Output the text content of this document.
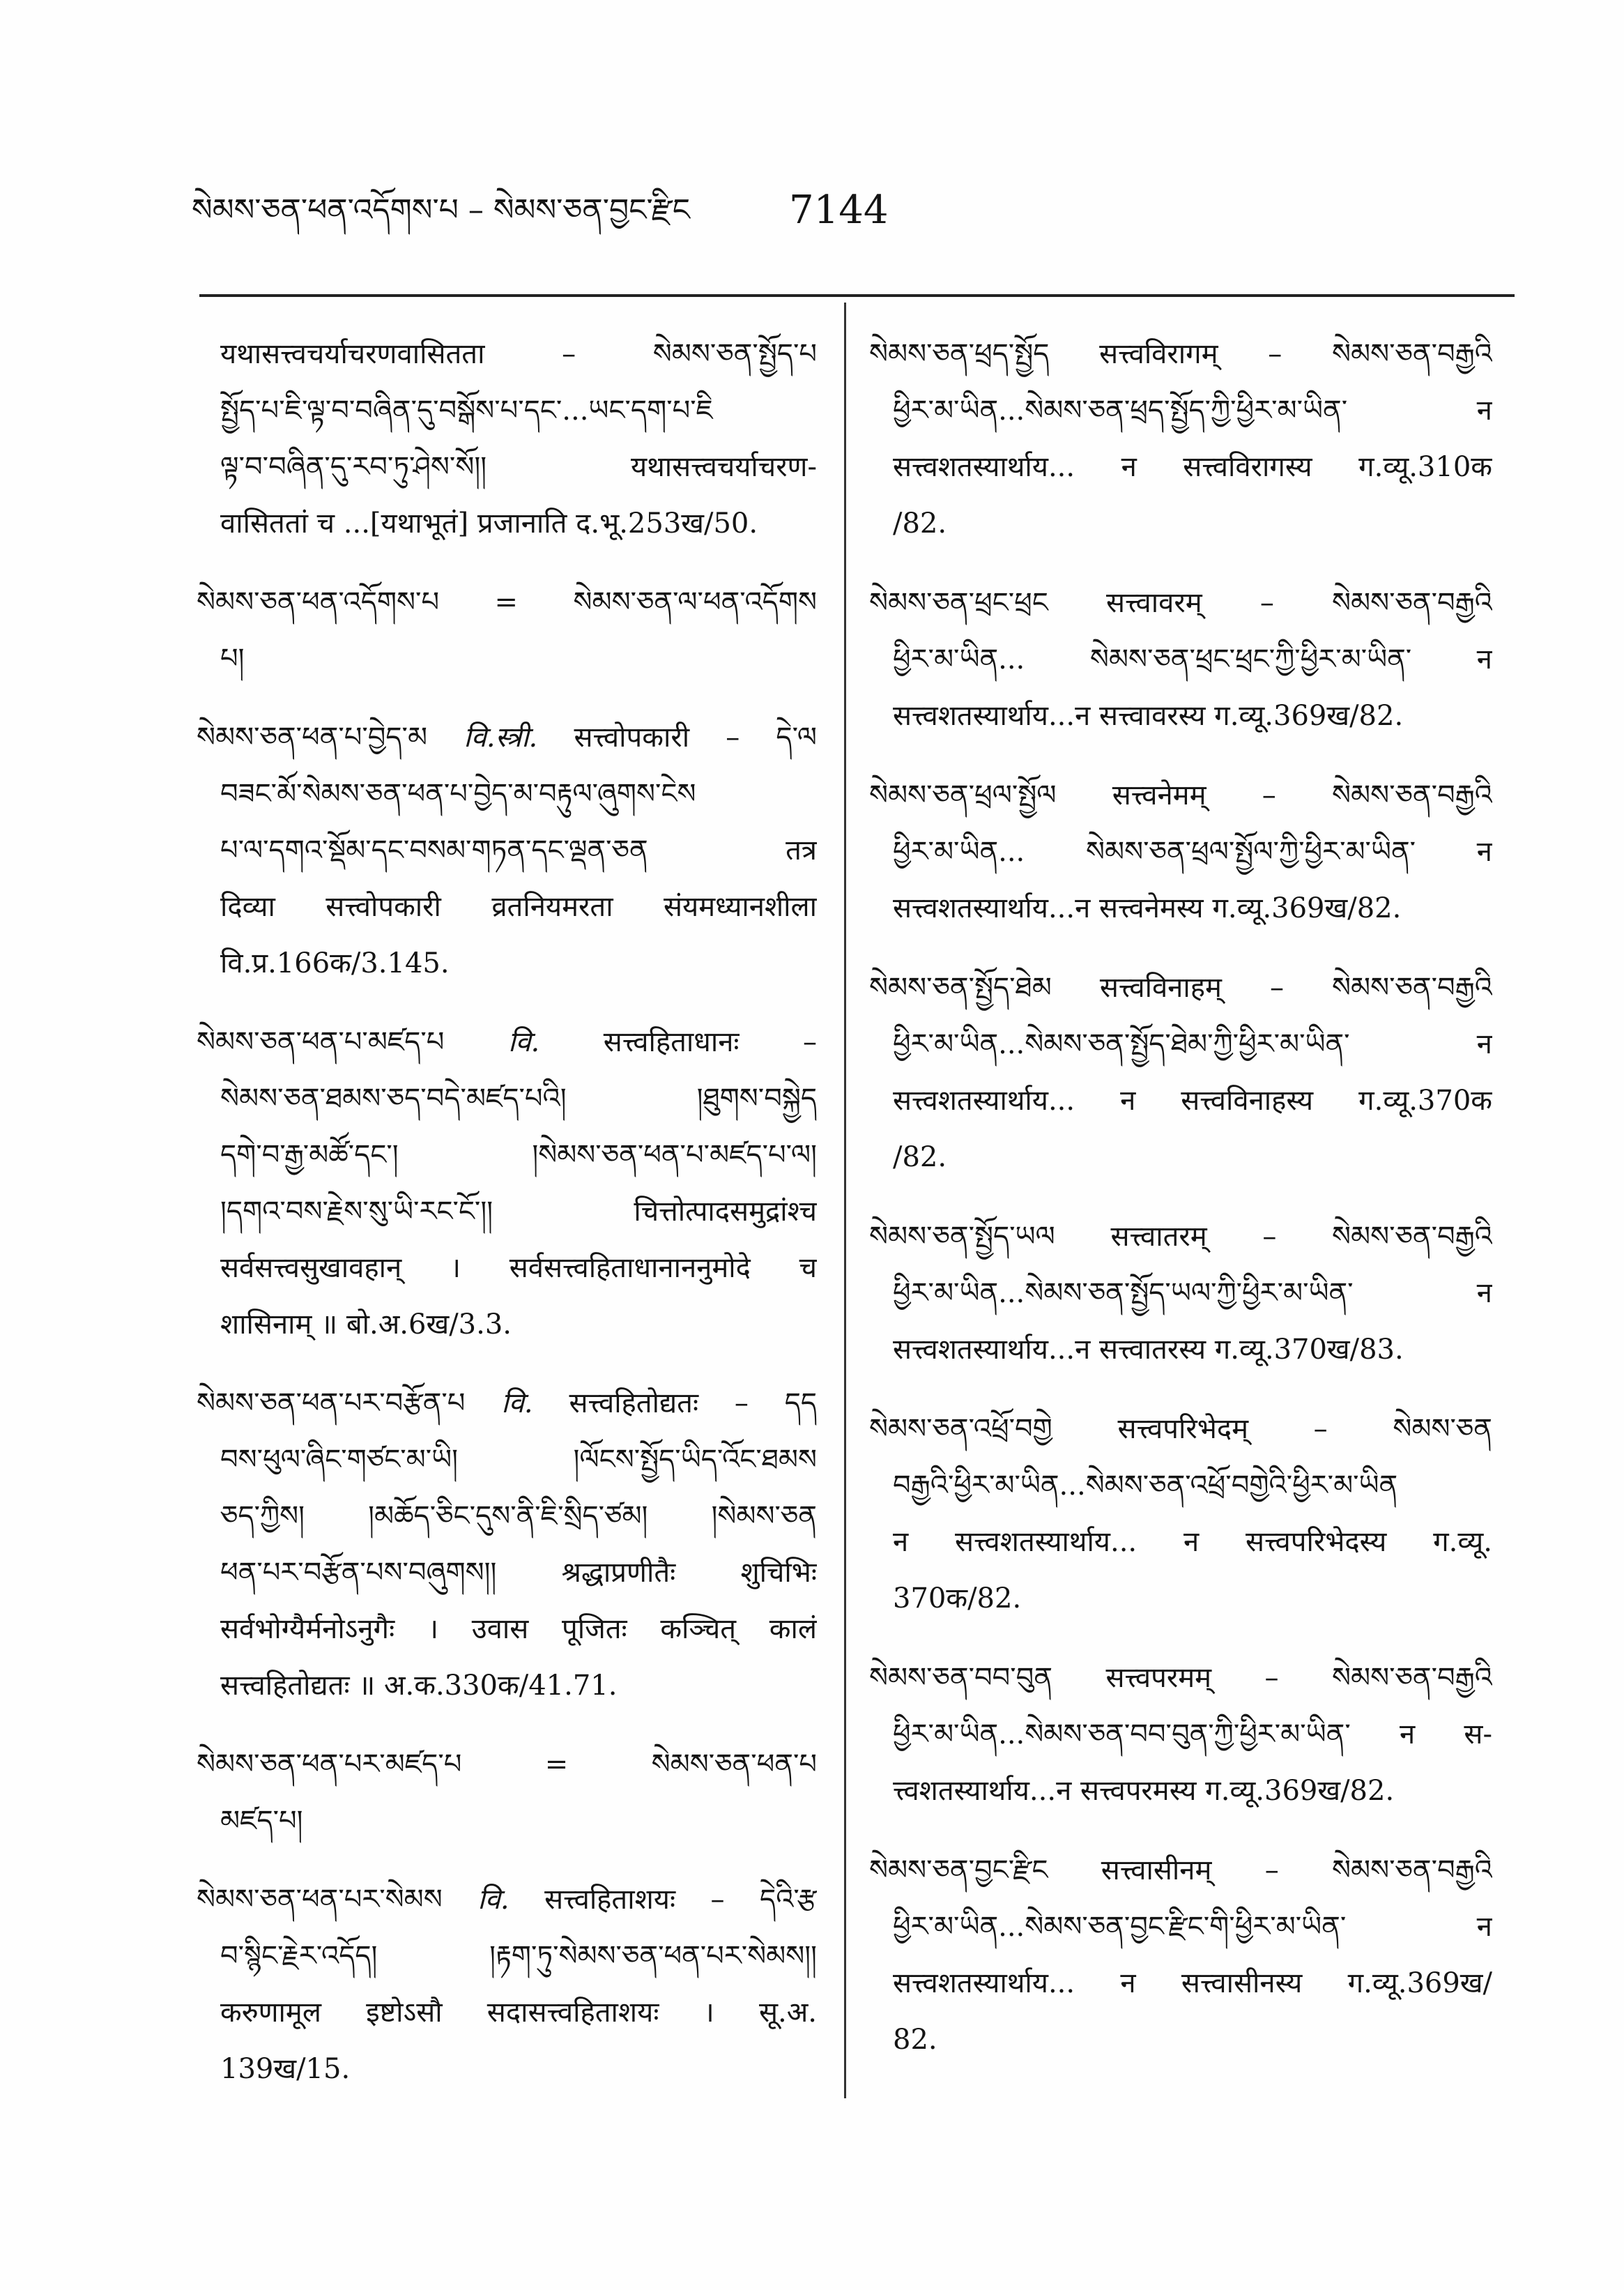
སེམས་ཅན་ཕན་འདོགས་པ – སེམས་ཅན་བྱང་རྫིང	7144
यथासत्त्वचर्याचरणवासितता – སེམས་ཅན་སྤྱོད་པ
སྤྱོད་པ་ཇི་ལྟ་བ་བཞིན་དུ་བསྒོས་པ་དང་...ཡང་དག་པ་ཇི
ལྟ་བ་བཞིན་དུ་རབ་ཏུ་ཤེས་སོ།། यथासत्त्वचर्याचरण-
वासिततां च ...[यथाभूतं] प्रजानाति द.भू.253ख/50.
སེམས་ཅན་ཕན་འདོགས་པ = སེམས་ཅན་ལ་ཕན་འདོགས
པ།
སེམས་ཅན་ཕན་པ་བྱེད་མ वि.स्त्री. सत्त्वोपकारी – དེ་ལ
བཟང་མོ་སེམས་ཅན་ཕན་པ་བྱེད་མ་བརྟུལ་ཞུགས་ངེས
པ་ལ་དགའ་སྡོམ་དང་བསམ་གཏན་དང་ལྡན་ཅན तत्र
दिव्या सत्त्वोपकारी व्रतनियमरता संयमध्यानशीला
वि.प्र.166क/3.145.
སེམས་ཅན་ཕན་པ་མཛད་པ वि. सत्त्वहिताधानः –
སེམས་ཅན་ཐམས་ཅད་བདེ་མཛད་པའི། །ཐུགས་བསྐྱེད
དགེ་བ་རྒྱ་མཚོ་དང་། །སེམས་ཅན་ཕན་པ་མཛད་པ་ལ།
།དགའ་བས་རྗེས་སུ་ཡི་རང་ངོ་།། चित्तोत्पादसमुद्रांश्च
सर्वसत्त्वसुखावहान् । सर्वसत्त्वहिताधानाननुमोदे च
शासिनाम् ॥ बो.अ.6ख/3.3.
སེམས་ཅན་ཕན་པར་བརྩོན་པ वि. सत्त्वहितोद्यतः – དད
བས་ཕུལ་ཞིང་གཙང་མ་ཡི། །ལོངས་སྤྱོད་ཡིད་འོང་ཐམས
ཅད་ཀྱིས། །མཆོད་ཅིང་དུས་ནི་ཇི་སྲིད་ཙམ། །སེམས་ཅན
ཕན་པར་བརྩོན་པས་བཞུགས།། श्रद्धाप्रणीतैः शुचिभिः
सर्वभोग्यैर्मनोऽनुगैः । उवास पूजितः कञ्चित् कालं
सत्त्वहितोद्यतः ॥ अ.क.330क/41.71.
སེམས་ཅན་ཕན་པར་མཛད་པ	= སེམས་ཅན་ཕན་པ
མཛད་པ།
སེམས་ཅན་ཕན་པར་སེམས वि. सत्त्वहिताशयः – དེའི་རྩ
བ་སྙིང་རྗེར་འདོད། །རྟག་ཏུ་སེམས་ཅན་ཕན་པར་སེམས།།
करुणामूल इष्टोऽसौ सदासत्त्वहिताशयः । सू.अ.
139ख/15.
སེམས་ཅན་ཕྲད་སྤྱོད सत्त्वविरागम् – སེམས་ཅན་བརྒྱའི
ཕྱིར་མ་ཡིན...སེམས་ཅན་ཕྲད་སྤྱོད་ཀྱི་ཕྱིར་མ་ཡིན་ न
सत्त्वशतस्यार्थाय... न सत्त्वविरागस्य ग.व्यू.310क
/82.
སེམས་ཅན་ཕྲང་ཕྲང सत्त्वावरम् – སེམས་ཅན་བརྒྱའི
ཕྱིར་མ་ཡིན... སེམས་ཅན་ཕྲང་ཕྲང་ཀྱི་ཕྱིར་མ་ཡིན་ न
सत्त्वशतस्यार्थाय...न सत्त्वावरस्य ग.व्यू.369ख/82.
སེམས་ཅན་ཕྲལ་སྤྱོལ सत्त्वनेमम् – སེམས་ཅན་བརྒྱའི
ཕྱིར་མ་ཡིན... སེམས་ཅན་ཕྲལ་སྤྱོལ་ཀྱི་ཕྱིར་མ་ཡིན་ न
सत्त्वशतस्यार्थाय...न सत्त्वनेमस्य ग.व्यू.369ख/82.
སེམས་ཅན་སྤྱོད་ཐེམ सत्त्वविनाहम् – སེམས་ཅན་བརྒྱའི
ཕྱིར་མ་ཡིན...སེམས་ཅན་སྤྱོད་ཐེམ་ཀྱི་ཕྱིར་མ་ཡིན་ न
सत्त्वशतस्यार्थाय... न सत्त्वविनाहस्य ग.व्यू.370क
/82.
སེམས་ཅན་སྤྱོད་ཡལ सत्त्वातरम् – སེམས་ཅན་བརྒྱའི
ཕྱིར་མ་ཡིན...སེམས་ཅན་སྤྱོད་ཡལ་ཀྱི་ཕྱིར་མ་ཡིན་ न
सत्त्वशतस्यार्थाय...न सत्त्वातरस्य ग.व्यू.370ख/83.
སེམས་ཅན་འཕྲོ་བགྱེ सत्त्वपरिभेदम् – སེམས་ཅན
བརྒྱའི་ཕྱིར་མ་ཡིན...སེམས་ཅན་འཕྲོ་བགྱེའི་ཕྱིར་མ་ཡིན
न सत्त्वशतस्यार्थाय... न सत्त्वपरिभेदस्य ग.व्यू.
370क/82.
སེམས་ཅན་བབ་བུན सत्त्वपरमम् – སེམས་ཅན་བརྒྱའི
ཕྱིར་མ་ཡིན...སེམས་ཅན་བབ་བུན་ཀྱི་ཕྱིར་མ་ཡིན་ न स-
त्त्वशतस्यार्थाय...न सत्त्वपरमस्य ग.व्यू.369ख/82.
སེམས་ཅན་བྱང་རྫིང सत्त्वासीनम् – སེམས་ཅན་བརྒྱའི
ཕྱིར་མ་ཡིན...སེམས་ཅན་བྱང་རྫིང་གི་ཕྱིར་མ་ཡིན་ न
सत्त्वशतस्यार्थाय... न सत्त्वासीनस्य ग.व्यू.369ख/
82.
